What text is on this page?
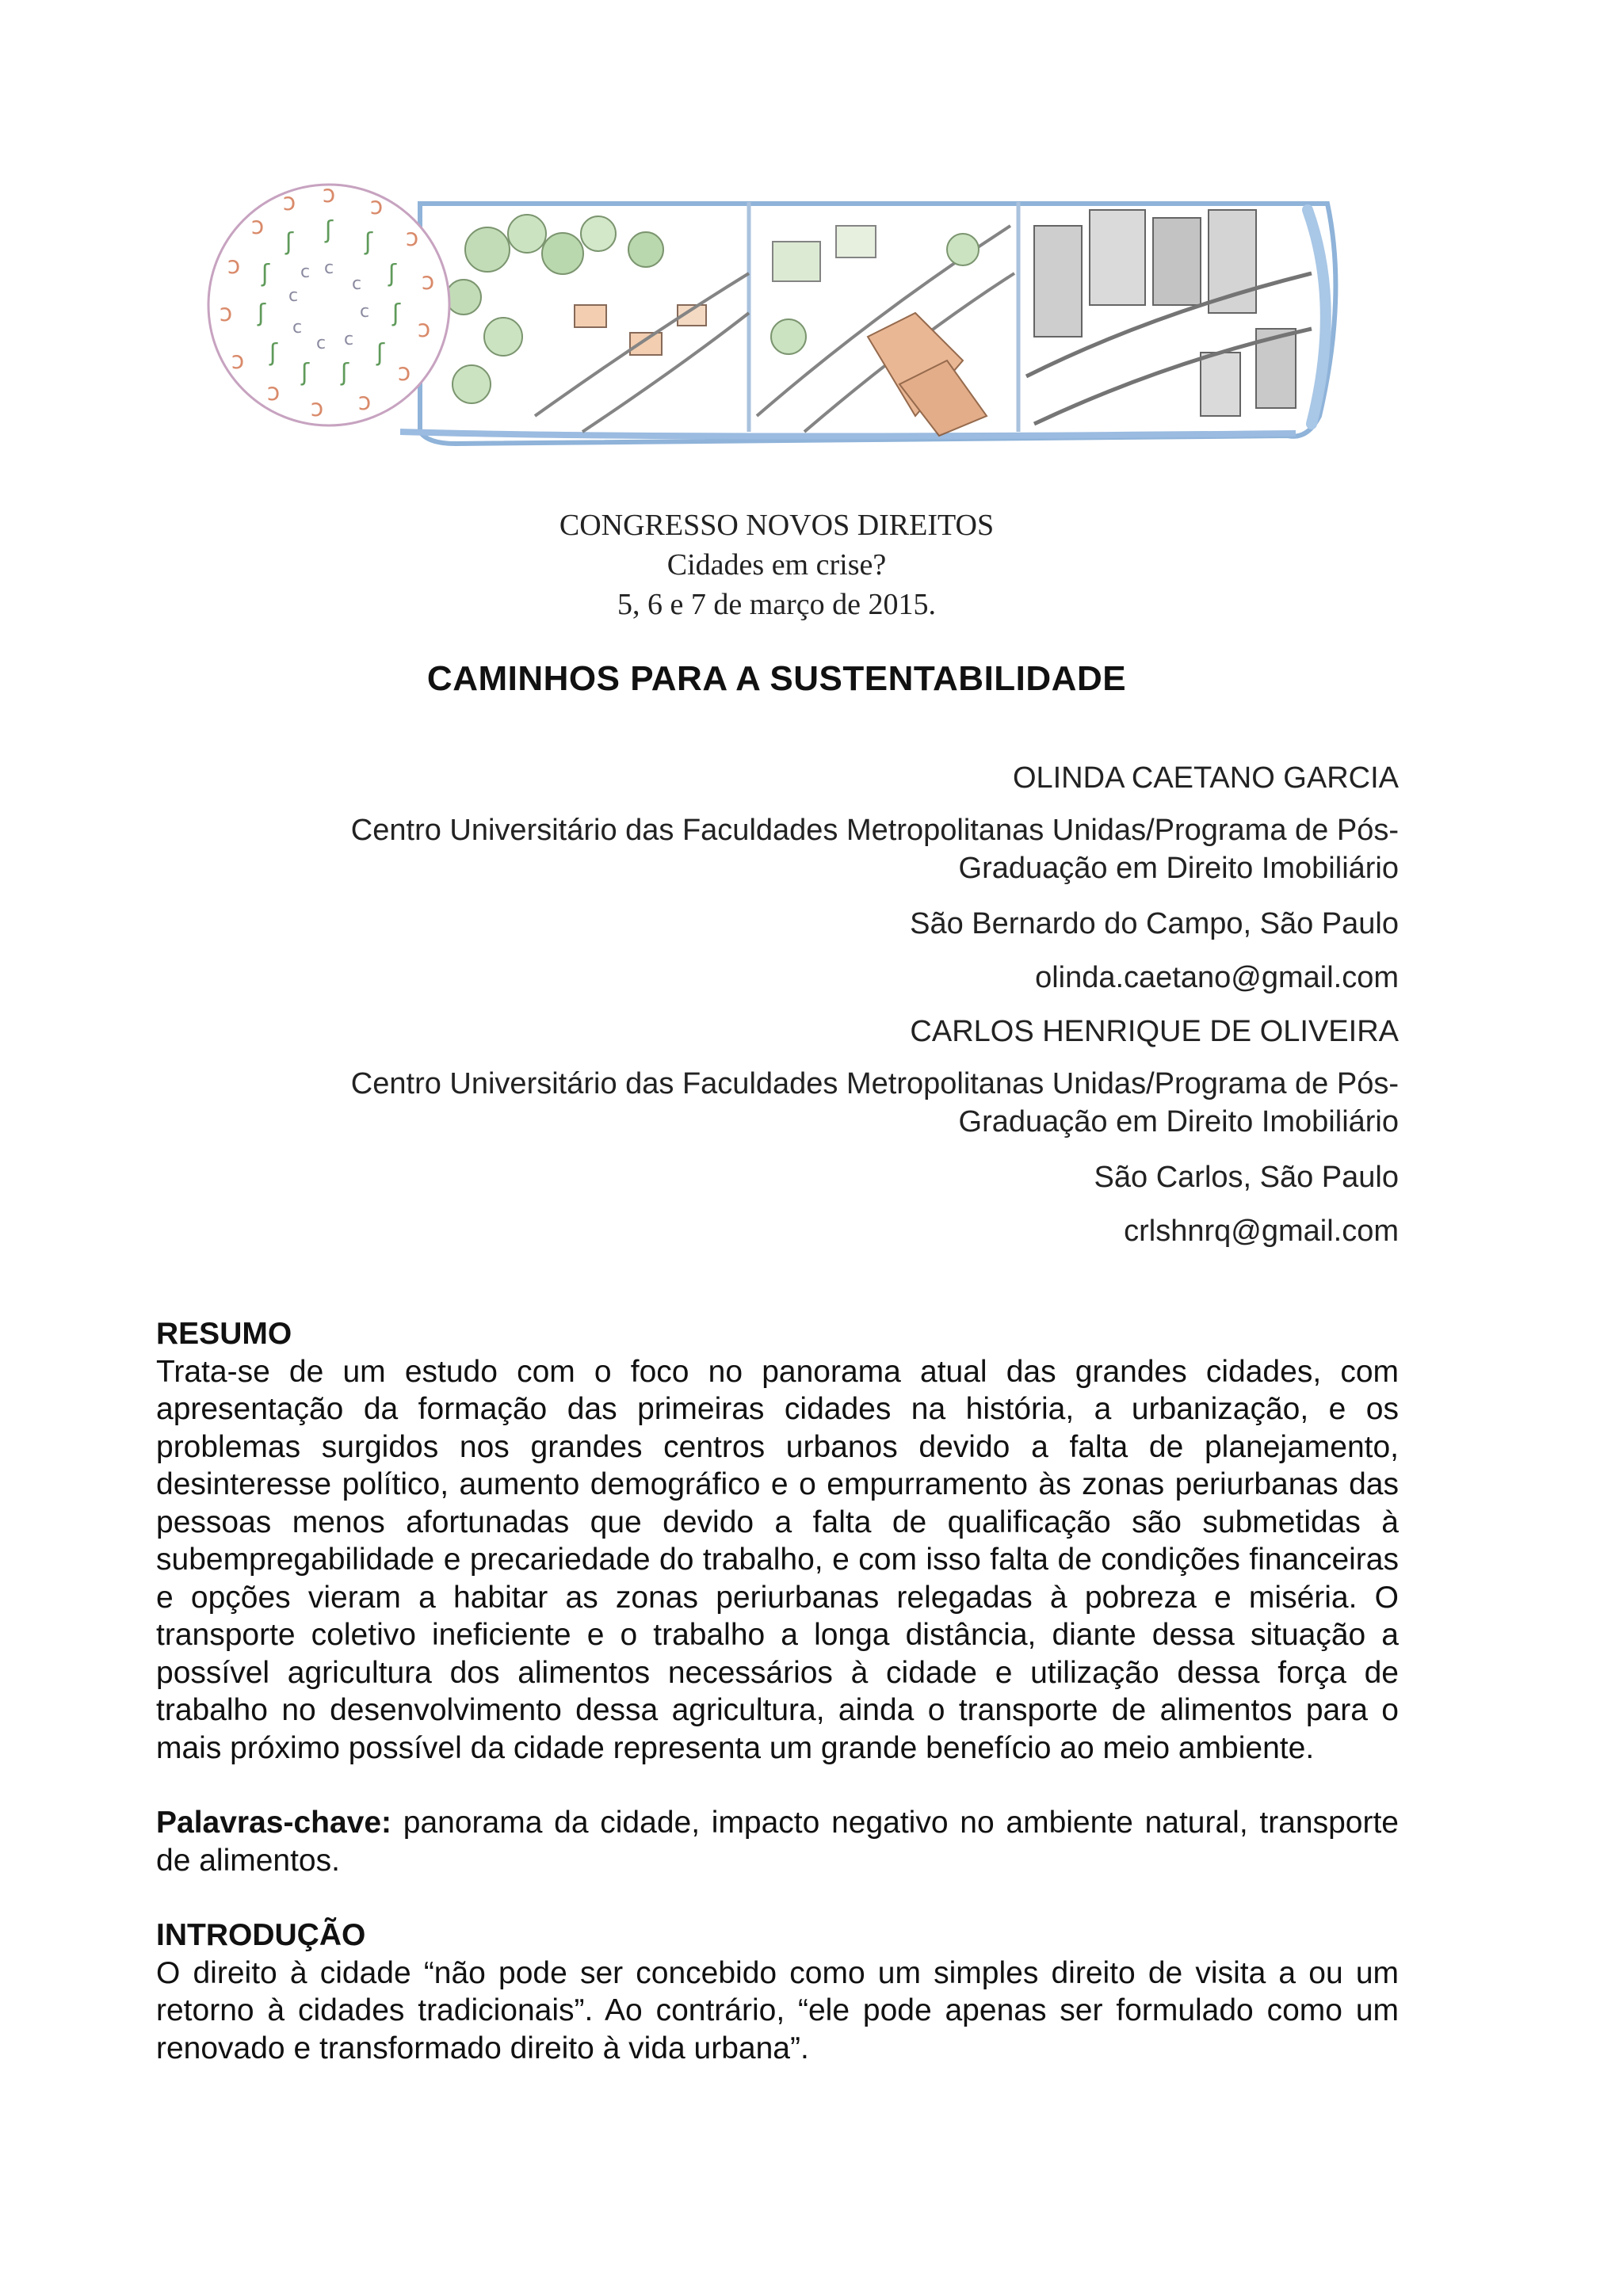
ɔ ɔ
ɔ
ɔ
ɔ
ɔ
ɔ
ɔ
ɔ
ɔ
ɔ
ɔ
ɔ
ɔ
ʃ ʃ
ʃ
ʃ
ʃ
ʃ
ʃ
ʃ
ʃ
ʃ
ʃ
c
c
c
c
c
c
c
c
CONGRESSO NOVOS DIREITOS
Cidades em crise?
5, 6 e 7 de março de 2015.
CAMINHOS PARA A SUSTENTABILIDADE
OLINDA CAETANO GARCIA
Centro Universitário das Faculdades Metropolitanas Unidas/Programa de Pós-
Graduação em Direito Imobiliário
São Bernardo do Campo, São Paulo
olinda.caetano@gmail.com
CARLOS HENRIQUE DE OLIVEIRA
Centro Universitário das Faculdades Metropolitanas Unidas/Programa de Pós-
Graduação em Direito Imobiliário
São Carlos, São Paulo
crlshnrq@gmail.com
RESUMO

Trata-se de um estudo com o foco no panorama atual das grandes cidades, com apresentação da formação das primeiras cidades na história, a urbanização, e os problemas surgidos nos grandes centros urbanos devido a falta de planejamento, desinteresse político, aumento demográfico e o empurramento às zonas periurbanas das pessoas menos afortunadas que devido a falta de qualificação são submetidas à subempregabilidade e precariedade do trabalho, e com isso falta de condições financeiras e opções vieram a habitar as zonas periurbanas relegadas à pobreza e miséria. O transporte coletivo ineficiente e o trabalho a longa distância, diante dessa situação a possível agricultura dos alimentos necessários à cidade e utilização dessa força de trabalho no desenvolvimento dessa agricultura, ainda o transporte de alimentos para o mais próximo possível da cidade representa um grande benefício ao meio ambiente.

Palavras-chave: panorama da cidade, impacto negativo no ambiente natural, transporte de alimentos.

INTRODUÇÃO

O direito à cidade “não pode ser concebido como um simples direito de visita a ou um retorno à cidades tradicionais”. Ao contrário, “ele pode apenas ser formulado como um renovado e transformado direito à vida urbana”.
